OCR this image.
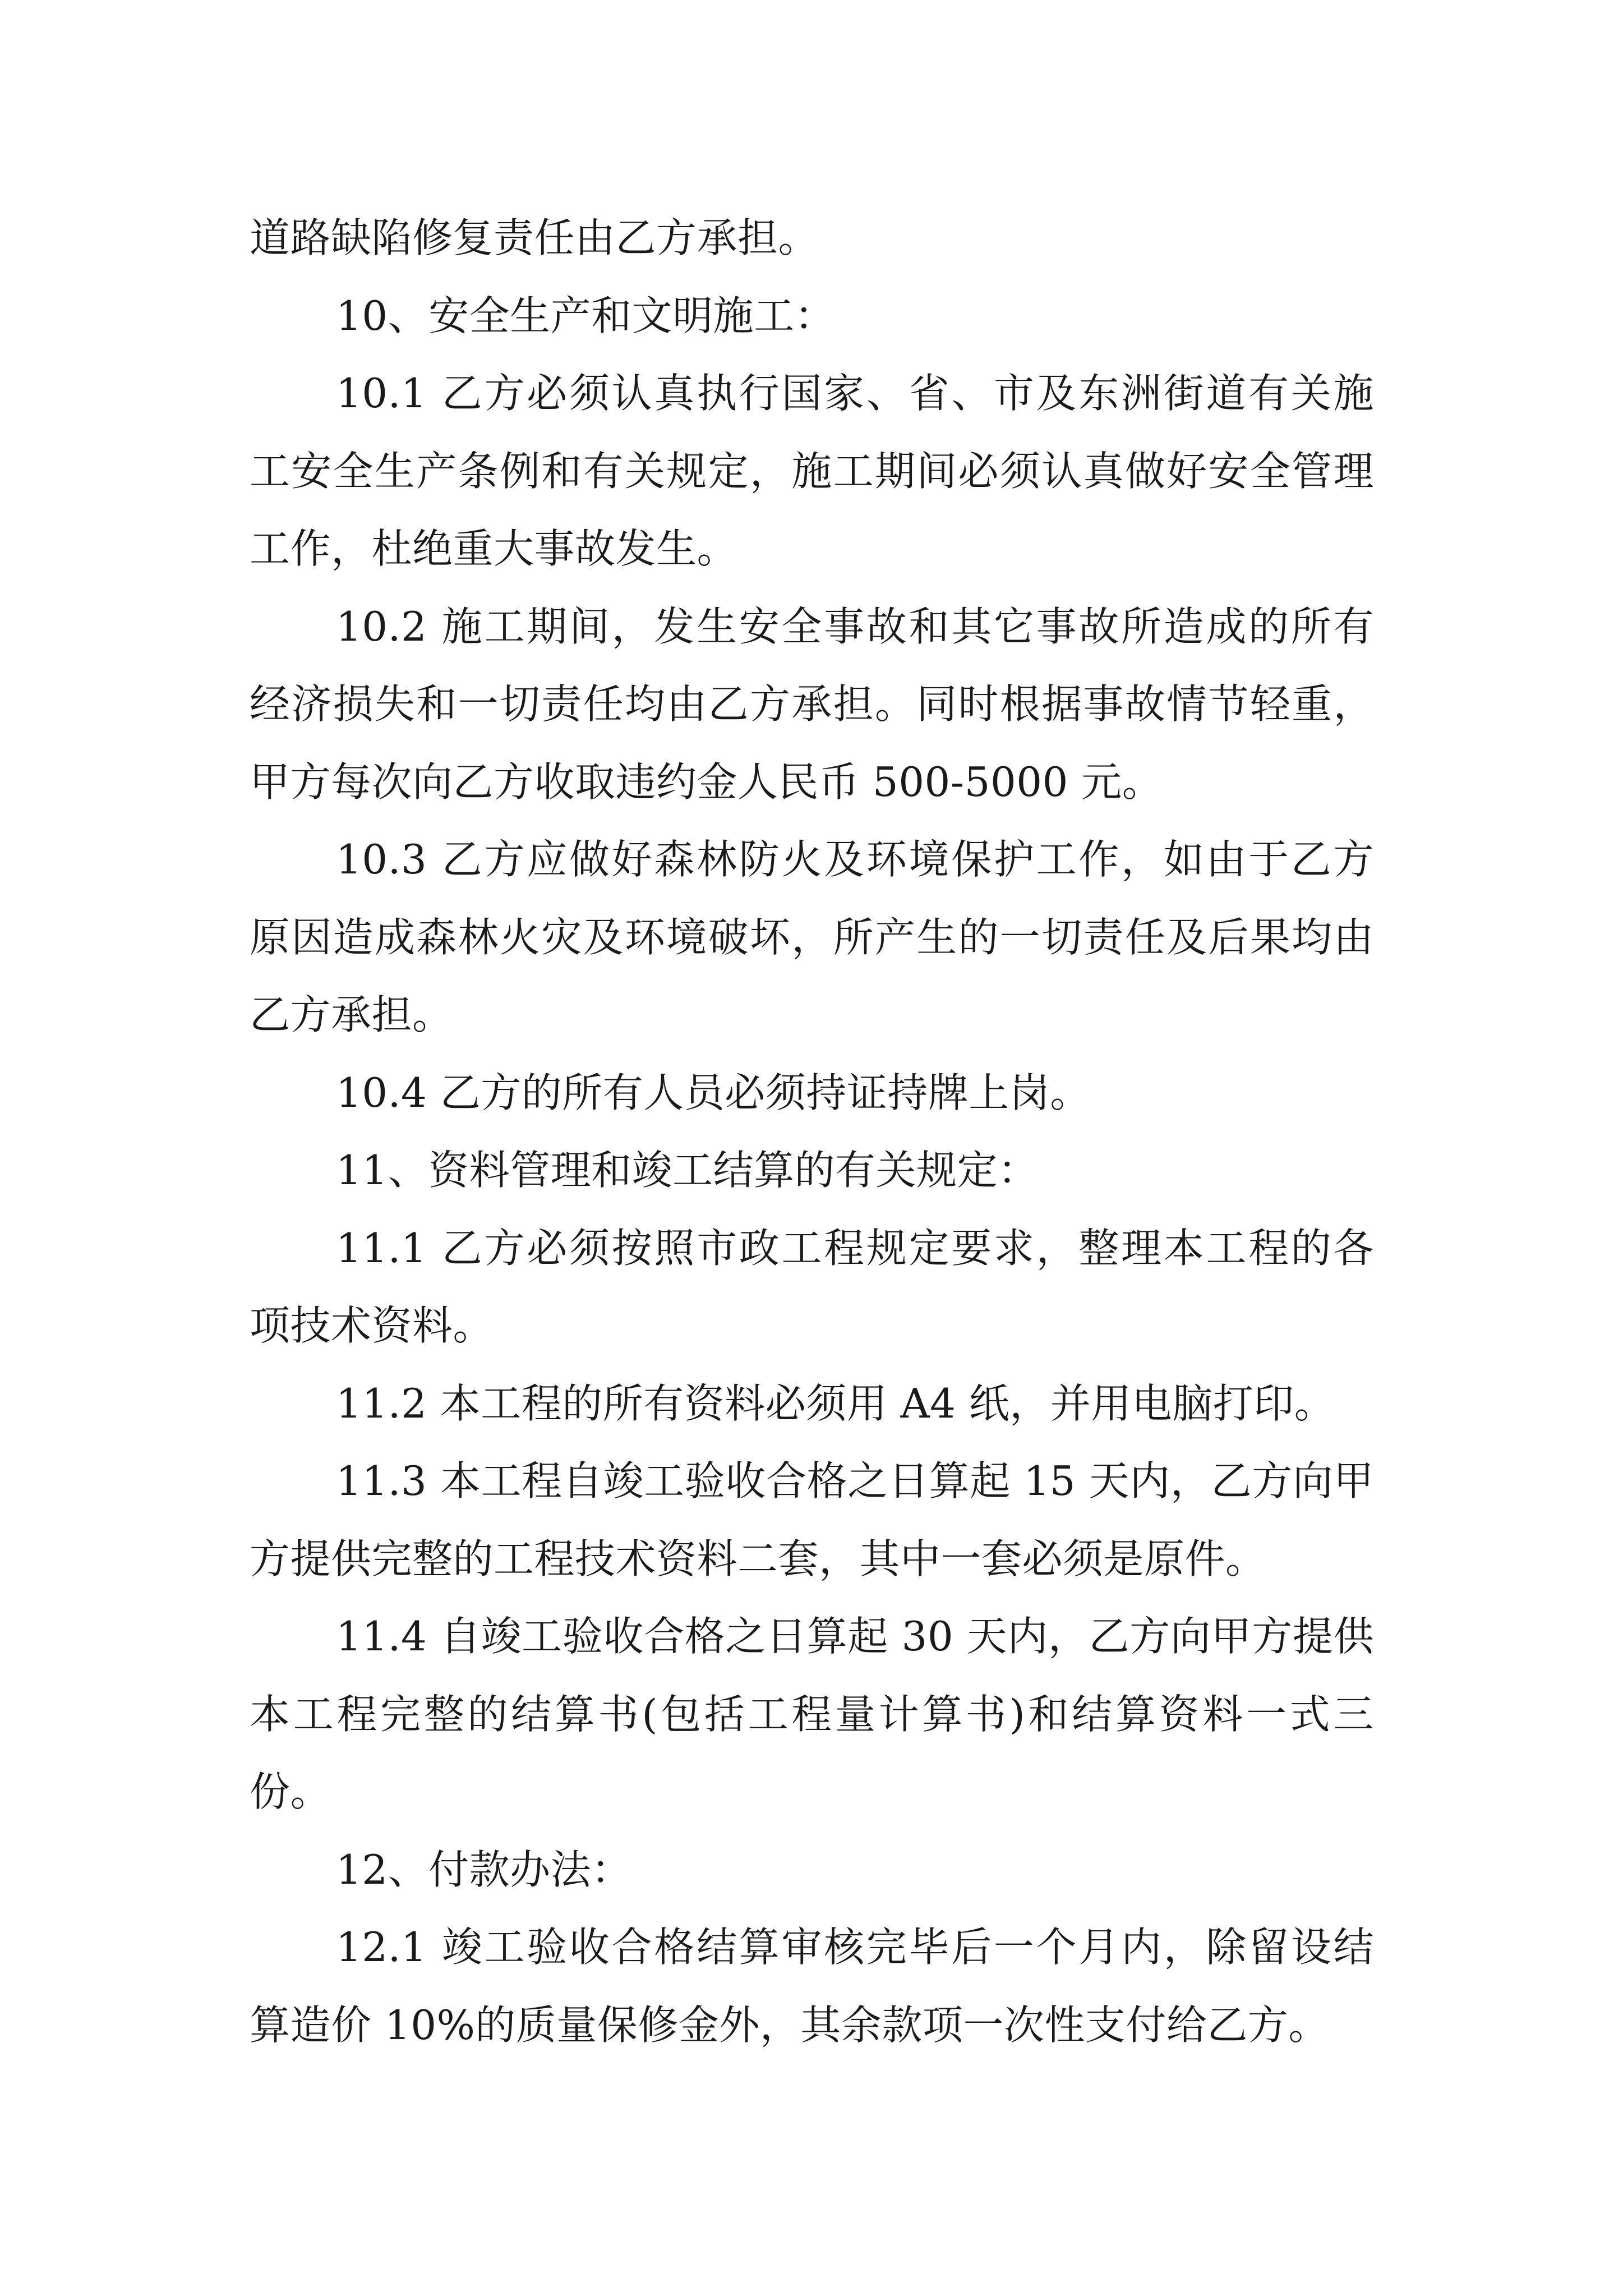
道路缺陷修复责任由乙方承担。

10、安全生产和文明施工：

10.1 乙方必须认真执行国家、省、市及东洲街道有关施工安全生产条例和有关规定，施工期间必须认真做好安全管理工作，杜绝重大事故发生。

10.2 施工期间，发生安全事故和其它事故所造成的所有经济损失和一切责任均由乙方承担。同时根据事故情节轻重，甲方每次向乙方收取违约金人民币 500-5000 元。

10.3 乙方应做好森林防火及环境保护工作，如由于乙方原因造成森林火灾及环境破坏，所产生的一切责任及后果均由乙方承担。

10.4 乙方的所有人员必须持证持牌上岗。

11、资料管理和竣工结算的有关规定：

11.1 乙方必须按照市政工程规定要求，整理本工程的各项技术资料。

11.2 本工程的所有资料必须用 A4 纸，并用电脑打印。

11.3 本工程自竣工验收合格之日算起 15 天内，乙方向甲方提供完整的工程技术资料二套，其中一套必须是原件。

11.4 自竣工验收合格之日算起 30 天内，乙方向甲方提供本工程完整的结算书(包括工程量计算书)和结算资料一式三份。

12、付款办法：

12.1 竣工验收合格结算审核完毕后一个月内，除留设结算造价 10%的质量保修金外，其余款项一次性支付给乙方。
